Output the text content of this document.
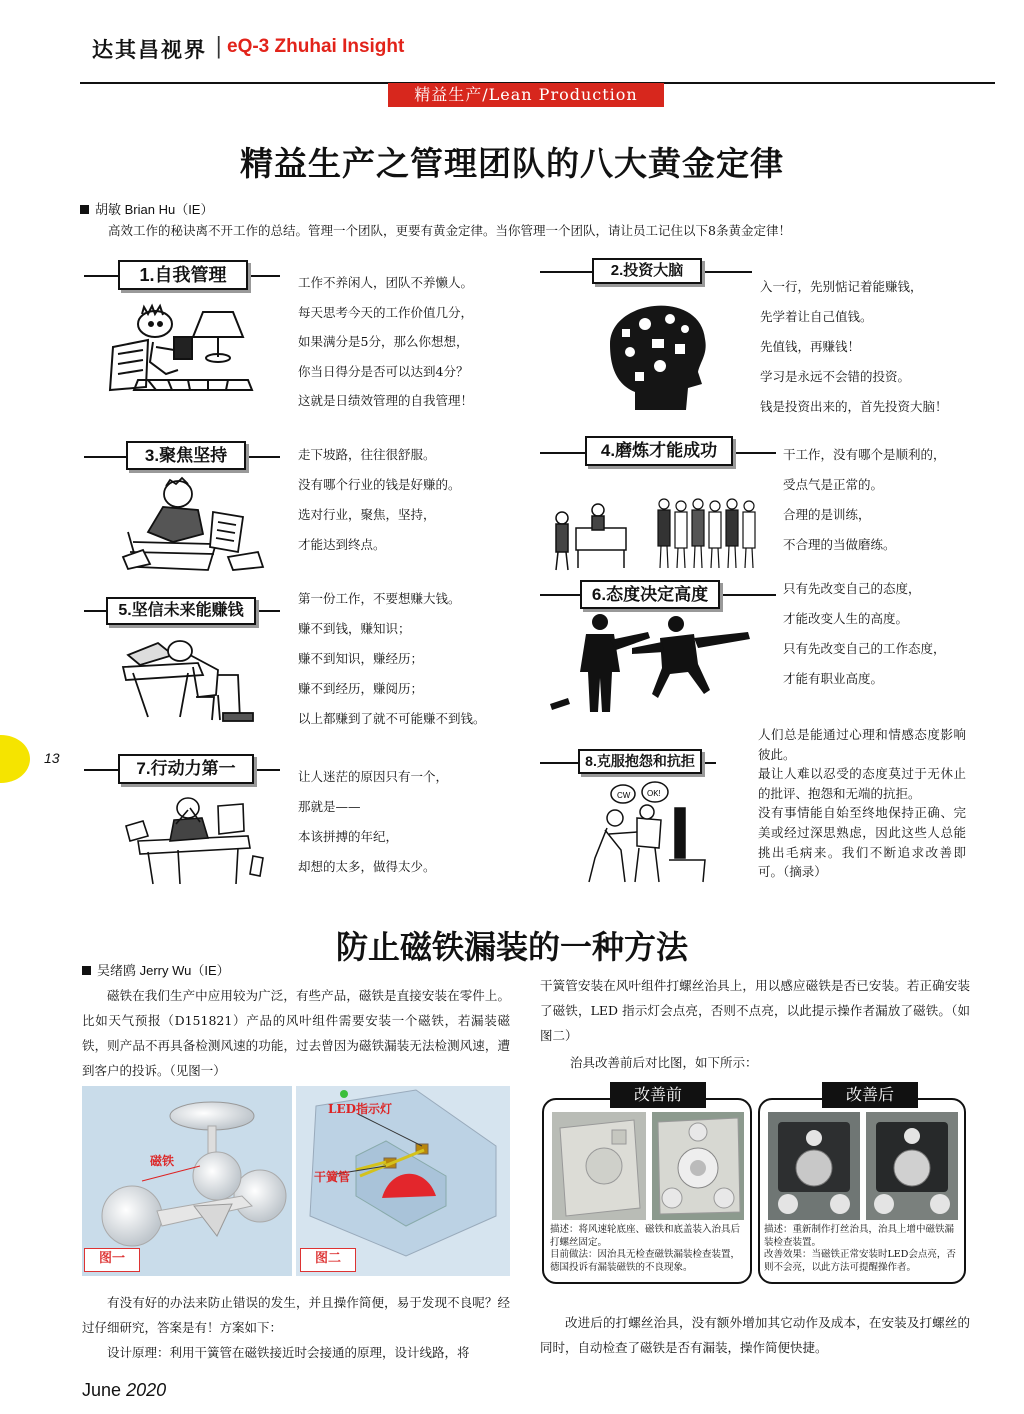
达其昌视界 | eQ-3 Zhuhai Insight
精益生产/Lean Production
精益生产之管理团队的八大黄金定律
胡敏 Brian Hu（IE）
高效工作的秘诀离不开工作的总结。管理一个团队，更要有黄金定律。当你管理一个团队，请让员工记住以下8条黄金定律！
1.自我管理	工作不养闲人，团队不养懒人。
每天思考今天的工作价值几分，
如果满分是5分，那么你想想，
你当日得分是否可以达到4分？
这就是日绩效管理的自我管理！
2.投资大脑
入一行，先别惦记着能赚钱，
先学着让自己值钱。
先值钱，再赚钱！
学习是永远不会错的投资。
钱是投资出来的，首先投资大脑！
3.聚焦坚持	走下坡路，往往很舒服。
没有哪个行业的钱是好赚的。
选对行业，聚焦，坚持，
才能达到终点。
4.磨炼才能成功	干工作，没有哪个是顺利的，
受点气是正常的。
合理的是训练，
不合理的当做磨练。
5.坚信未来能赚钱
第一份工作，不要想赚大钱。
赚不到钱，赚知识；
赚不到知识，赚经历；
赚不到经历，赚阅历；
以上都赚到了就不可能赚不到钱。
6.态度决定高度	只有先改变自己的态度，
才能改变人生的高度。
只有先改变自己的工作态度，
才能有职业高度。
13
7.行动力第一	让人迷茫的原因只有一个，
那就是——
本该拼搏的年纪，
却想的太多，做得太少。
8.克服抱怨和抗拒
CW OK!
人们总是能通过心理和情感态度影响彼此。
最让人难以忍受的态度莫过于无休止的批评、抱怨和无端的抗拒。
没有事情能自始至终地保持正确、完美或经过深思熟虑，因此这些人总能挑出毛病来。我们不断追求改善即可。（摘录）
防止磁铁漏装的一种方法
吴绪鸥 Jerry Wu（IE）
磁铁在我们生产中应用较为广泛，有些产品，磁铁是直接安装在零件上。比如天气预报（D151821）产品的风叶组件需要安装一个磁铁，若漏装磁铁，则产品不再具备检测风速的功能，过去曾因为磁铁漏装无法检测风速，遭到客户的投诉。（见图一）
磁铁
图一
LED指示灯
干簧管
图二
有没有好的办法来防止错误的发生，并且操作简便，易于发现不良呢？经过仔细研究，答案是有！方案如下：
设计原理：利用干簧管在磁铁接近时会接通的原理，设计线路，将
干簧管安装在风叶组件打螺丝治具上，用以感应磁铁是否已安装。若正确安装了磁铁，LED 指示灯会点亮，否则不点亮，以此提示操作者漏放了磁铁。（如图二）
治具改善前后对比图，如下所示：
改善前
描述：将风速轮底座、磁铁和底盖装入治具后打螺丝固定。
目前做法：因治具无检查磁铁漏装检查装置，德国投诉有漏装磁铁的不良现象。
改善后
描述：重新制作打丝治具，治具上增中磁铁漏装检查装置。
改善效果：当磁铁正常安装时LED会点亮，否则不会亮，以此方法可提醒操作者。
改进后的打螺丝治具，没有额外增加其它动作及成本，在安装及打螺丝的同时，自动检查了磁铁是否有漏装，操作简便快捷。
June 2020
